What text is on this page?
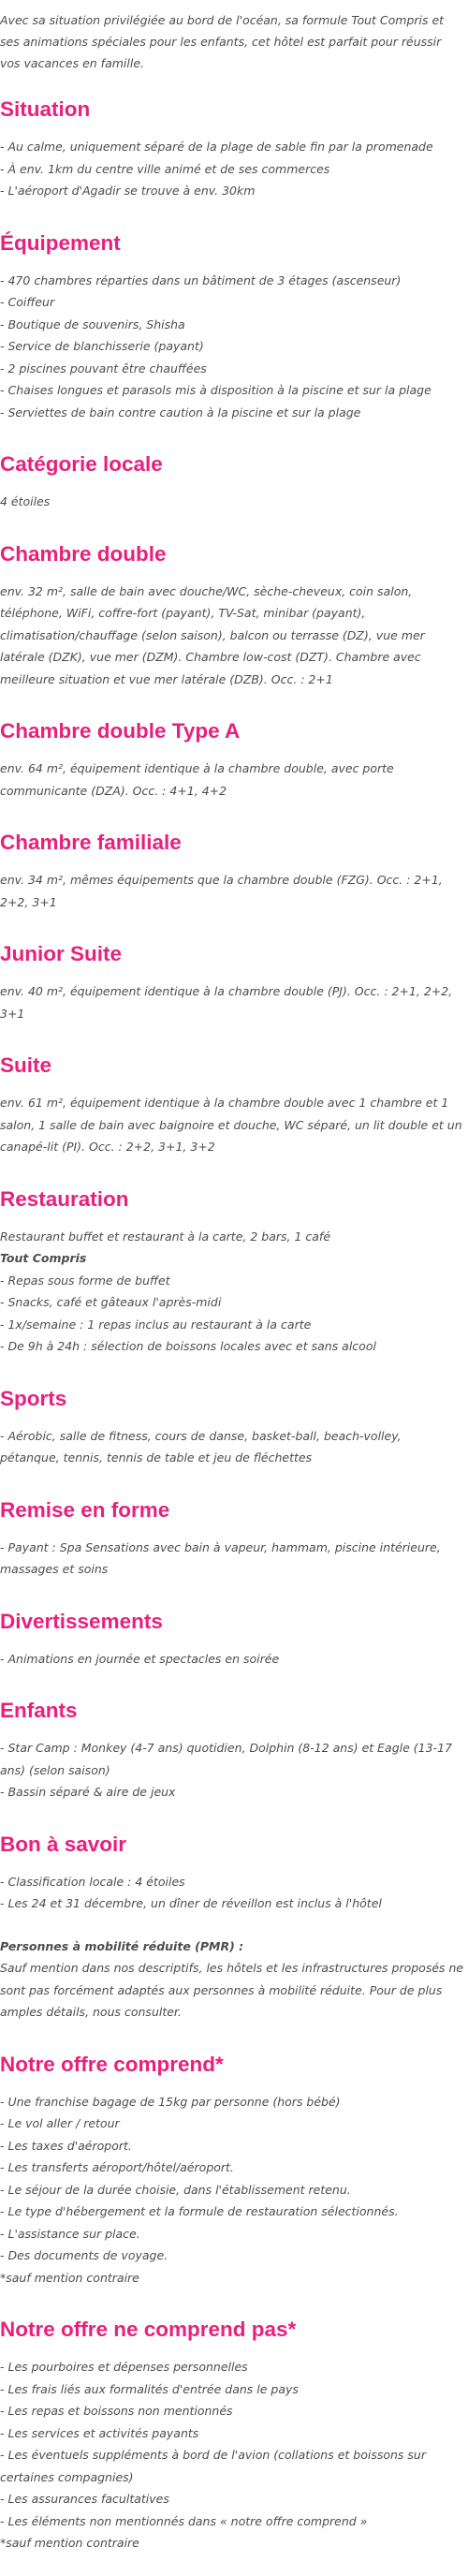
Avec sa situation privilégiée au bord de l'océan, sa formule Tout Compris et ses animations spéciales pour les enfants, cet hôtel est parfait pour réussir vos vacances en famille.

Situation

- Au calme, uniquement séparé de la plage de sable fin par la promenade

- À env. 1km du centre ville animé et de ses commerces

- L'aéroport d'Agadir se trouve à env. 30km

Équipement

- 470 chambres réparties dans un bâtiment de 3 étages (ascenseur)

- Coiffeur

- Boutique de souvenirs, Shisha

- Service de blanchisserie (payant)

- 2 piscines pouvant être chauffées

- Chaises longues et parasols mis à disposition à la piscine et sur la plage

- Serviettes de bain contre caution à la piscine et sur la plage

Catégorie locale

4 étoiles

Chambre double

env. 32 m², salle de bain avec douche/WC, sèche-cheveux, coin salon, téléphone, WiFi, coffre-fort (payant), TV-Sat, minibar (payant), climatisation/chauffage (selon saison), balcon ou terrasse (DZ), vue mer latérale (DZK), vue mer (DZM). Chambre low-cost (DZT). Chambre avec meilleure situation et vue mer latérale (DZB). Occ. : 2+1

Chambre double Type A

env. 64 m², équipement identique à la chambre double, avec porte communicante (DZA). Occ. : 4+1, 4+2

Chambre familiale

env. 34 m², mêmes équipements que la chambre double (FZG). Occ. : 2+1, 2+2, 3+1

Junior Suite

env. 40 m², équipement identique à la chambre double (PJ). Occ. : 2+1, 2+2, 3+1

Suite

env. 61 m², équipement identique à la chambre double avec 1 chambre et 1 salon, 1 salle de bain avec baignoire et douche, WC séparé, un lit double et un canapé-lit (PI). Occ. : 2+2, 3+1, 3+2

Restauration

Restaurant buffet et restaurant à la carte, 2 bars, 1 café

Tout Compris

- Repas sous forme de buffet

- Snacks, café et gâteaux l'après-midi

- 1x/semaine : 1 repas inclus au restaurant à la carte

- De 9h à 24h : sélection de boissons locales avec et sans alcool

Sports

- Aérobic, salle de fitness, cours de danse, basket-ball, beach-volley, pétanque, tennis, tennis de table et jeu de fléchettes

Remise en forme

- Payant : Spa Sensations avec bain à vapeur, hammam, piscine intérieure, massages et soins

Divertissements

- Animations en journée et spectacles en soirée

Enfants

- Star Camp : Monkey (4-7 ans) quotidien, Dolphin (8-12 ans) et Eagle (13-17 ans) (selon saison)

- Bassin séparé & aire de jeux

Bon à savoir

- Classification locale : 4 étoiles

- Les 24 et 31 décembre, un dîner de réveillon est inclus à l'hôtel

Personnes à mobilité réduite (PMR) :

Sauf mention dans nos descriptifs, les hôtels et les infrastructures proposés ne sont pas forcément adaptés aux personnes à mobilité réduite. Pour de plus amples détails, nous consulter.

Notre offre comprend*

- Une franchise bagage de 15kg par personne (hors bébé)

- Le vol aller / retour

- Les taxes d'aéroport.

- Les transferts aéroport/hôtel/aéroport.

- Le séjour de la durée choisie, dans l'établissement retenu.

- Le type d'hébergement et la formule de restauration sélectionnés.

- L'assistance sur place.

- Des documents de voyage.

*sauf mention contraire

Notre offre ne comprend pas*

- Les pourboires et dépenses personnelles

- Les frais liés aux formalités d'entrée dans le pays

- Les repas et boissons non mentionnés

- Les services et activités payants

- Les éventuels suppléments à bord de l'avion (collations et boissons sur certaines compagnies)

- Les assurances facultatives

- Les éléments non mentionnés dans « notre offre comprend »

*sauf mention contraire
